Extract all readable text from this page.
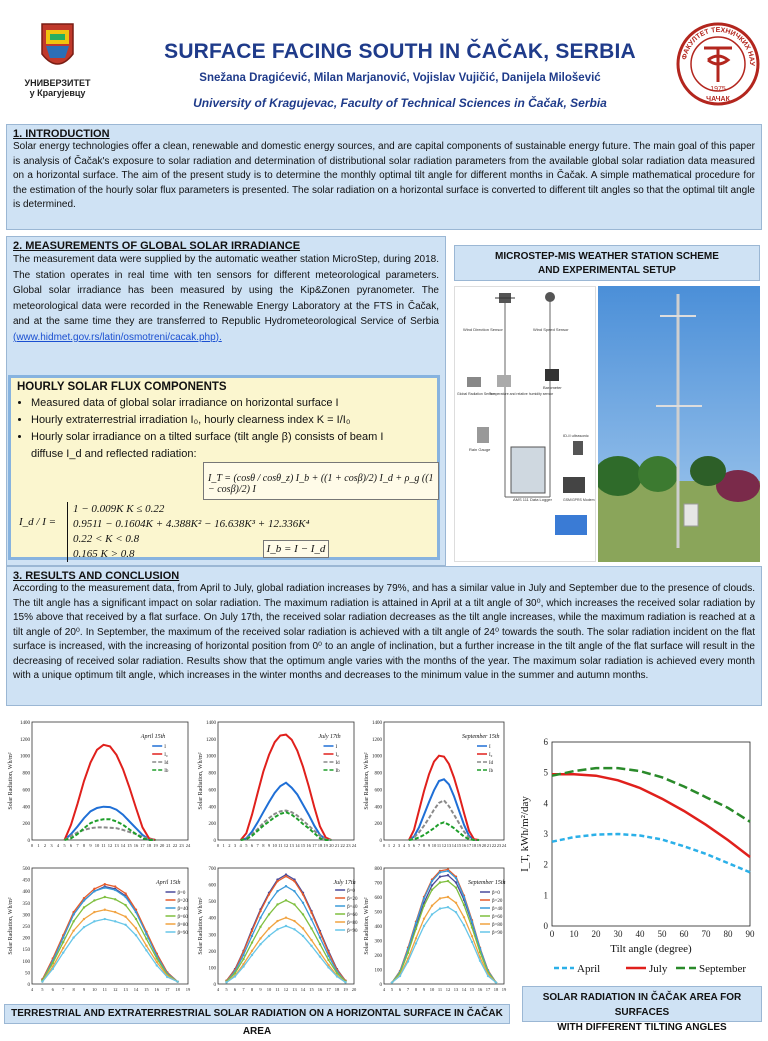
УНИВЕРЗИТЕТ
у Крагујевцу
SURFACE FACING SOUTH IN ČAČAK, SERBIA
Snežana Dragićević, Milan Marjanović, Vojislav Vujičić, Danijela Milošević
University of Kragujevac, Faculty of Technical Sciences in Čačak, Serbia
ФАКУЛТЕТ ТЕХНИЧКИХ НАУ
1975
ЧАЧАК
1. INTRODUCTION
Solar energy technologies offer a clean, renewable and domestic energy sources, and are capital components of sustainable energy future. The main goal of this paper is analysis of Čačak's exposure to solar radiation and determination of distributional solar radiation parameters from the available global solar radiation data measured on a horizontal surface. The aim of the present study is to determine the monthly optimal tilt angle for different months in Čačak. A simple mathematical procedure for the estimation of the hourly solar flux parameters is presented. The solar radiation on a horizontal surface is converted to different tilt angles so that the optimal tilt angle is determined.
2. MEASUREMENTS OF GLOBAL SOLAR IRRADIANCE
The measurement data were supplied by the automatic weather station MicroStep, during 2018. The station operates in real time with ten sensors for different meteorological parameters. Global solar irradiance has been measured by using the Kip&Zonen pyranometer. The meteorological data were recorded in the Renewable Energy Laboratory at the FTS in Čačak, and at the same time they are transferred to Republic Hydrometeorological Service of Serbia (www.hidmet.gov.rs/latin/osmotreni/cacak.php).
HOURLY SOLAR FLUX COMPONENTS
• Measured data of global solar irradiance on horizontal surface I
• Hourly extraterrestrial irradiation I₀, hourly clearness index K = I/I₀
• Hourly solar irradiance on a tilted surface (tilt angle β) consists of beam I
diffuse I_d and reflected radiation:
I_T = (cosθ / cosθ_z) I_b + ((1 + cosβ)/2) I_d + ρ_g ((1 − cosβ)/2) I
I_d / I =
1 − 0.009K K ≤ 0.22
0.9511 − 0.1604K + 4.388K² − 16.638K³ + 12.336K⁴ 0.22 < K < 0.8
0.165 K > 0.8	I_b = I − I_d
MICROSTEP-MIS WEATHER STATION SCHEME
AND EXPERIMENTAL SETUP
Wind Direction Sensor	Wind Speed Sensor
Global Radiation Sensor
Temperature and relative humidity sensor
Barometer
Rain Gauge
ID-II ultrasonic
AMS 111 Data Logger	GSM/GPRS Modem
3. RESULTS AND CONCLUSION
According to the measurement data, from April to July, global radiation increases by 79%, and has a similar value in July and September due to the presence of clouds. The tilt angle has a significant impact on solar radiation. The maximum radiation is attained in April at a tilt angle of 30⁰, which increases the received solar radiation by 15% above that received by a flat surface. On July 17th, the received solar radiation decreases as the tilt angle increases, while the maximum radiation is reached at a tilt angle of 20⁰. In September, the maximum of the received solar radiation is achieved with a tilt angle of 24⁰ towards the south. The solar radiation incident on the flat surface is increased, with the increasing of horizontal position from 0⁰ to an angle of inclination, but a further increase in the tilt angle of the flat surface will result in the decreasing of received solar radiation. Results show that the optimum angle varies with the months of the year. The maximum solar radiation is achieved every month with a unique optimum tilt angle, which increases in the winter months and decreases to the minimum value in the summer and autumn months.
0
200
400
600
800
1000
1200
1400
0 1 2 3 4 5 6 7 8 9 10 11 12 13 14 15 16 17 18 19 20 21 22 23 24
Solar Radiation, Wh/m²
April 15th
I
I₀
Id
Ib
0
200
400
600
800
1000
1200
1400
0 1 2 3 4 5 6 7 8 9 10 11 12 13 14 15 16 17 18 19 20 21 22 23 24
Solar Radiation, Wh/m²
July 17th
I
I₀
Id
Ib
0
200
400
600
800
1000
1200
1400
0 1 2 3 4 5 6 7 8 9 10 11 12 13 14 15 16 17 18 19 20 21 22 23 24
Solar Radiation, Wh/m²
September 15th
I
I₀
Id
Ib
0
50
100
150
200
250
300
350
400
450
500
4 5 6 7 8 9 10 11 12 13 14 15 16 17 18 19
Solar Radiation, Wh/m²
April 15th
β=0
β=20
β=40
β=60
β=80
β=90
0
100
200
300
400
500
600
700
4 5 6 7 8 9 10 11 12 13 14 15 16 17 18 19 20
Solar Radiation, Wh/m²
July 17th
β=0
β=20
β=40
β=60
β=80
β=90
0
100
200
300
400
500
600
700
800
4 5 6 7 8 9 10 11 12 13 14 15 16 17 18 19
Solar Radiation, Wh/m²
September 15th
β=0
β=20
β=40
β=60
β=80
β=90
0
1
2
3
4
5
6
0 10 20 30 40 50 60 70 80 90
Tilt angle (degree)
I_T, kWh/m²/day
April	July	September
TERRESTRIAL AND EXTRATERRESTRIAL SOLAR RADIATION ON A HORIZONTAL SURFACE IN ČAČAK AREA
SOLAR RADIATION IN ČAČAK AREA FOR SURFACES
WITH DIFFERENT TILTING ANGLES
